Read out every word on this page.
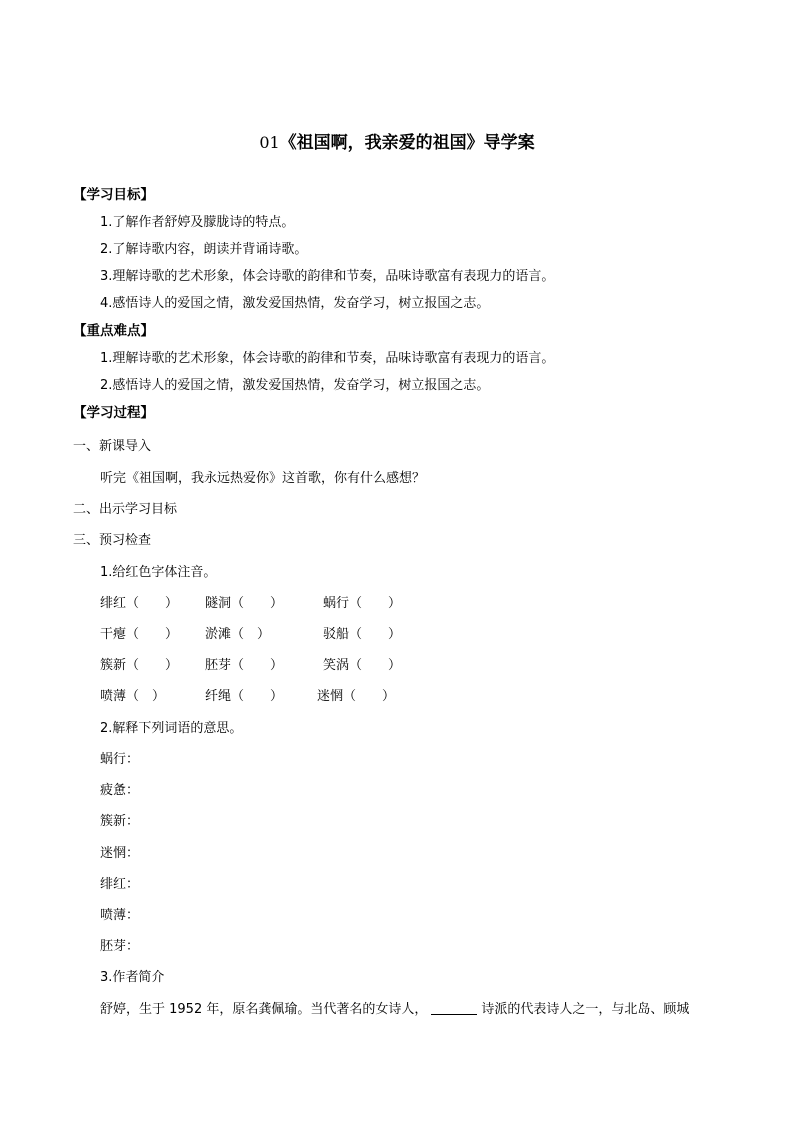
01《祖国啊，我亲爱的祖国》导学案
【学习目标】
1.了解作者舒婷及朦胧诗的特点。
2.了解诗歌内容，朗读并背诵诗歌。
3.理解诗歌的艺术形象，体会诗歌的韵律和节奏，品味诗歌富有表现力的语言。
4.感悟诗人的爱国之情，激发爱国热情，发奋学习，树立报国之志。
【重点难点】
1.理解诗歌的艺术形象，体会诗歌的韵律和节奏，品味诗歌富有表现力的语言。
2.感悟诗人的爱国之情，激发爱国热情，发奋学习，树立报国之志。
【学习过程】
一、新课导入
听完《祖国啊，我永远热爱你》这首歌，你有什么感想？
二、出示学习目标
三、预习检查
1.给红色字体注音。
绯红（　　） 隧洞（　　）	蜗行（　　）
干瘪（　　） 淤滩（　）	驳船（　　）
簇新（　　） 胚芽（　　）	笑涡（　　）
喷薄（　）	纤绳（　　）	迷惘（　　）
2.解释下列词语的意思。
蜗行：
疲惫：
簇新：
迷惘：
绯红：
喷薄：
胚芽：
3.作者简介
舒婷，生于 1952 年，原名龚佩瑜。当代著名的女诗人，	诗派的代表诗人之一，与北岛、顾城
